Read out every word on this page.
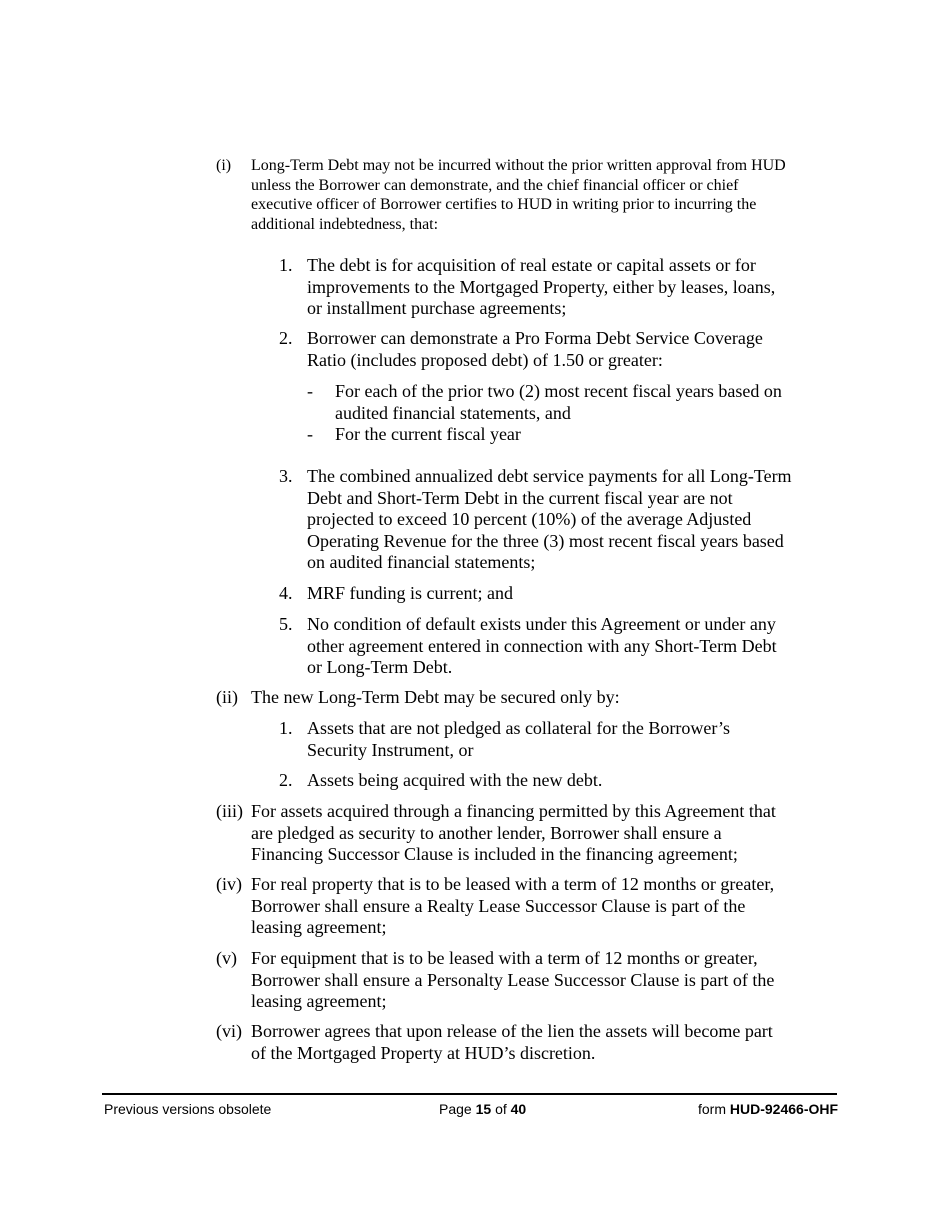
(i) Long-Term Debt may not be incurred without the prior written approval from HUD
unless the Borrower can demonstrate, and the chief financial officer or chief
executive officer of Borrower certifies to HUD in writing prior to incurring the
additional indebtedness, that:
1. The debt is for acquisition of real estate or capital assets or for
improvements to the Mortgaged Property, either by leases, loans,
or installment purchase agreements;
2. Borrower can demonstrate a Pro Forma Debt Service Coverage
Ratio (includes proposed debt) of 1.50 or greater:
- For each of the prior two (2) most recent fiscal years based on
audited financial statements, and
- For the current fiscal year
3. The combined annualized debt service payments for all Long-Term
Debt and Short-Term Debt in the current fiscal year are not
projected to exceed 10 percent (10%) of the average Adjusted
Operating Revenue for the three (3) most recent fiscal years based
on audited financial statements;
4. MRF funding is current; and
5. No condition of default exists under this Agreement or under any
other agreement entered in connection with any Short-Term Debt
or Long-Term Debt.
(ii) The new Long-Term Debt may be secured only by:
1. Assets that are not pledged as collateral for the Borrower’s
Security Instrument, or
2. Assets being acquired with the new debt.
(iii) For assets acquired through a financing permitted by this Agreement that
are pledged as security to another lender, Borrower shall ensure a
Financing Successor Clause is included in the financing agreement;
(iv) For real property that is to be leased with a term of 12 months or greater,
Borrower shall ensure a Realty Lease Successor Clause is part of the
leasing agreement;
(v) For equipment that is to be leased with a term of 12 months or greater,
Borrower shall ensure a Personalty Lease Successor Clause is part of the
leasing agreement;
(vi) Borrower agrees that upon release of the lien the assets will become part
of the Mortgaged Property at HUD’s discretion.
Previous versions obsolete	Page 15 of 40	form HUD-92466-OHF
